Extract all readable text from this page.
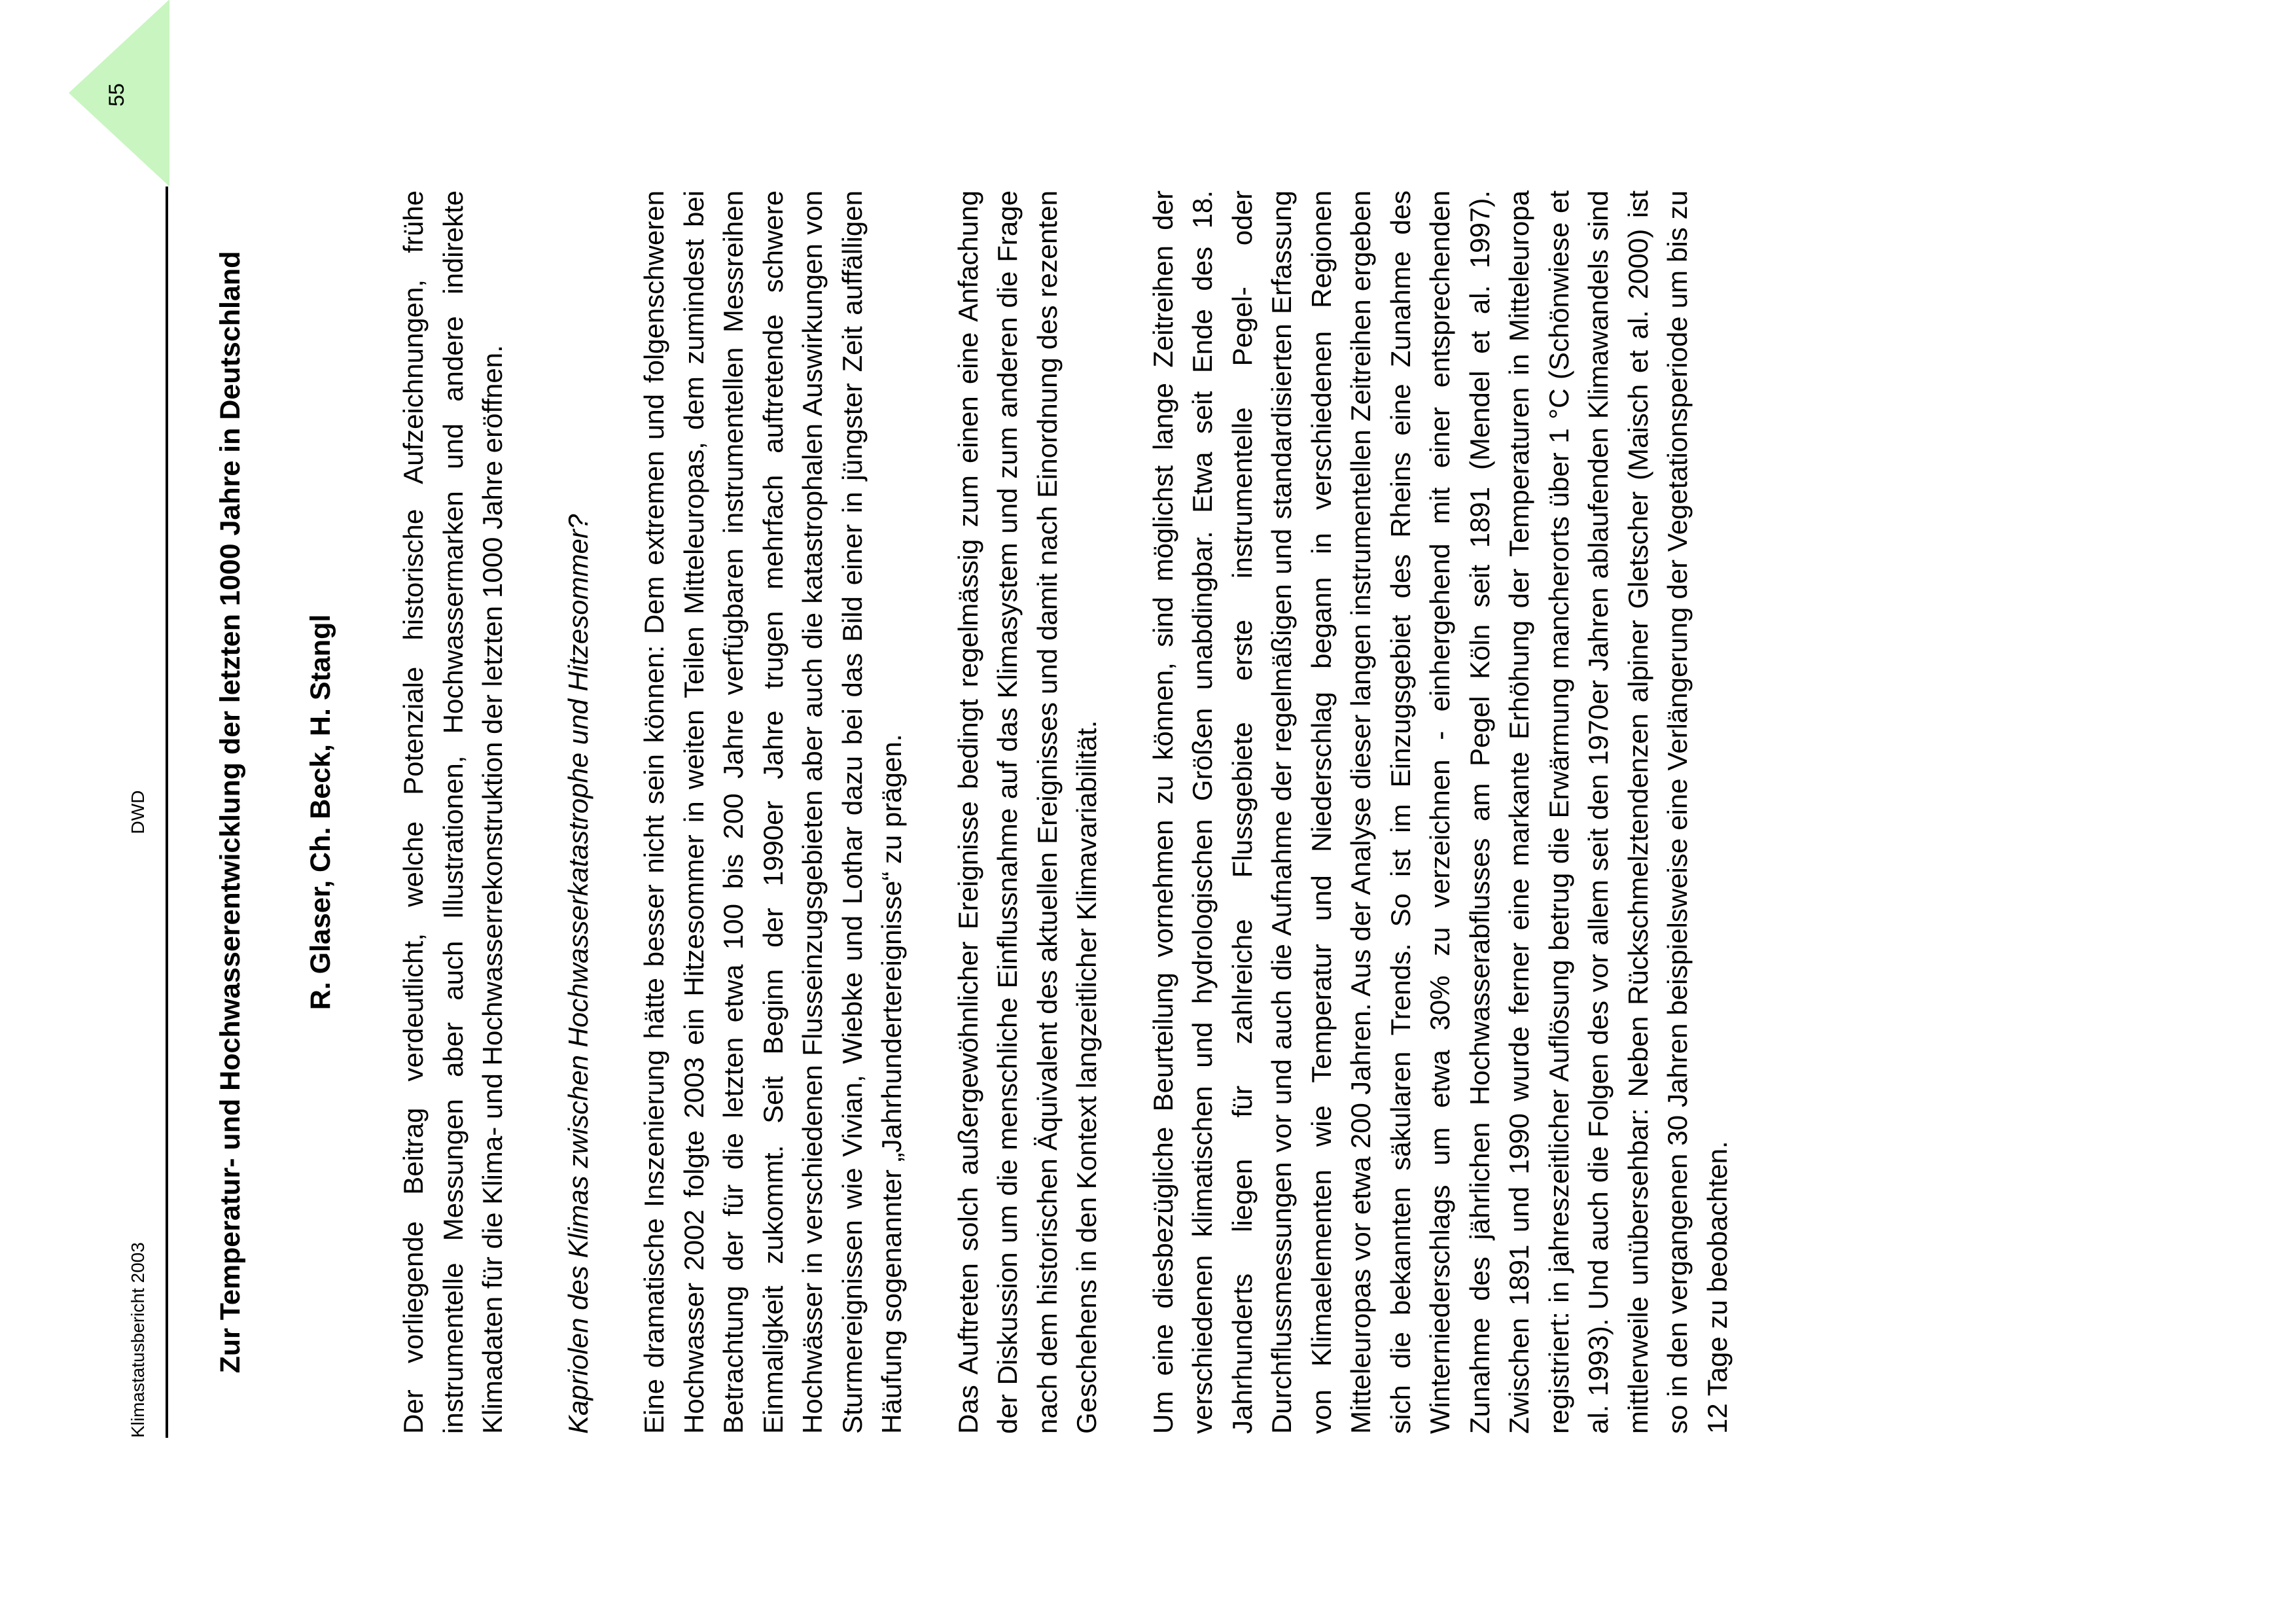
Klimastatusbericht 2003
DWD
55
Zur Temperatur- und Hochwasserentwicklung der letzten 1000 Jahre in Deutschland R. Glaser, Ch. Beck, H. Stangl Der vorliegende Beitrag verdeutlicht, welche Potenziale historische Aufzeichnungen, frühe instrumentelle Messungen aber auch Illustrationen, Hochwassermarken und andere indirekte Klimadaten für die Klima- und Hochwasserrekonstruktion der letzten 1000 Jahre eröffnen. Kapriolen des Klimas zwischen Hochwasserkatastrophe und Hitzesommer? Eine dramatische Inszenierung hätte besser nicht sein können: Dem extremen und folgenschweren Hochwasser 2002 folgte 2003 ein Hitzesommer in weiten Teilen Mitteleuropas, dem zumindest bei Betrachtung der für die letzten etwa 100 bis 200 Jahre verfügbaren instrumentellen Messreihen Einmaligkeit zukommt. Seit Beginn der 1990er Jahre trugen mehrfach auftretende schwere Hochwässer in verschiedenen Flusseinzugsgebieten aber auch die katastrophalen Auswirkungen von Sturmereignissen wie Vivian, Wiebke und Lothar dazu bei das Bild einer in jüngster Zeit auffälligen Häufung sogenannter „Jahrhundertereignisse“ zu prägen. Das Auftreten solch außergewöhnlicher Ereignisse bedingt regelmässig zum einen eine Anfachung der Diskussion um die menschliche Einflussnahme auf das Klimasystem und zum anderen die Frage nach dem historischen Äquivalent des aktuellen Ereignisses und damit nach Einordnung des rezenten Geschehens in den Kontext langzeitlicher Klimavariabilität. Um eine diesbezügliche Beurteilung vornehmen zu können, sind möglichst lange Zeitreihen der verschiedenen klimatischen und hydrologischen Größen unabdingbar. Etwa seit Ende des 18. Jahrhunderts liegen für zahlreiche Flussgebiete erste instrumentelle Pegel- oder Durchflussmessungen vor und auch die Aufnahme der regelmäßigen und standardisierten Erfassung von Klimaelementen wie Temperatur und Niederschlag begann in verschiedenen Regionen Mitteleuropas vor etwa 200 Jahren. Aus der Analyse dieser langen instrumentellen Zeitreihen ergeben sich die bekannten säkularen Trends. So ist im Einzugsgebiet des Rheins eine Zunahme des Winterniederschlags um etwa 30% zu verzeichnen - einhergehend mit einer entsprechenden Zunahme des jährlichen Hochwasserabflusses am Pegel Köln seit 1891 (Mendel et al. 1997). Zwischen 1891 und 1990 wurde ferner eine markante Erhöhung der Temperaturen in Mitteleuropa registriert: in jahreszeitlicher Auflösung betrug die Erwärmung mancherorts über 1 °C (Schönwiese et al. 1993). Und auch die Folgen des vor allem seit den 1970er Jahren ablaufenden Klimawandels sind mittlerweile unübersehbar: Neben Rückschmelztendenzen alpiner Gletscher (Maisch et al. 2000) ist so in den vergangenen 30 Jahren beispielsweise eine Verlängerung der Vegetationsperiode um bis zu 12 Tage zu beobachten.
